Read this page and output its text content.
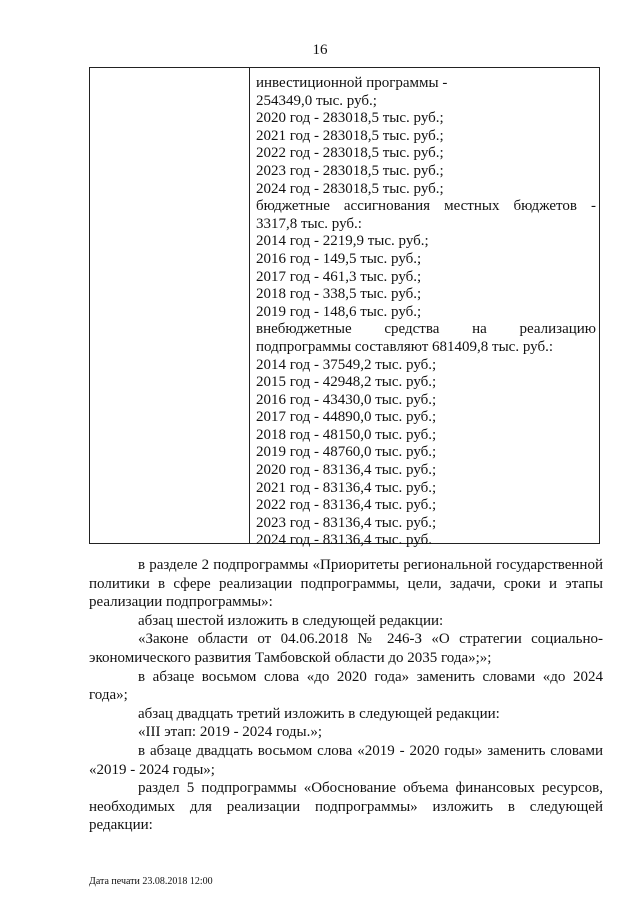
16
инвестиционной программы -
254349,0 тыс. руб.;
2020 год - 283018,5 тыс. руб.;
2021 год - 283018,5 тыс. руб.;
2022 год - 283018,5 тыс. руб.;
2023 год - 283018,5 тыс. руб.;
2024 год - 283018,5 тыс. руб.;
бюджетные ассигнования местных бюджетов -
3317,8 тыс. руб.:
2014 год - 2219,9 тыс. руб.;
2016 год - 149,5 тыс. руб.;
2017 год - 461,3 тыс. руб.;
2018 год - 338,5 тыс. руб.;
2019 год - 148,6 тыс. руб.;
внебюджетные средства на реализацию
подпрограммы составляют 681409,8 тыс. руб.:
2014 год - 37549,2 тыс. руб.;
2015 год - 42948,2 тыс. руб.;
2016 год - 43430,0 тыс. руб.;
2017 год - 44890,0 тыс. руб.;
2018 год - 48150,0 тыс. руб.;
2019 год - 48760,0 тыс. руб.;
2020 год - 83136,4 тыс. руб.;
2021 год - 83136,4 тыс. руб.;
2022 год - 83136,4 тыс. руб.;
2023 год - 83136,4 тыс. руб.;
2024 год - 83136,4 тыс. руб.

в разделе 2 подпрограммы «Приоритеты региональной государственной политики в сфере реализации подпрограммы, цели, задачи, сроки и этапы реализации подпрограммы»:

абзац шестой изложить в следующей редакции:

«Законе области от 04.06.2018 № 246-З «О стратегии социально-экономического развития Тамбовской области до 2035 года»;»;

в абзаце восьмом слова «до 2020 года» заменить словами «до 2024 года»;

абзац двадцать третий изложить в следующей редакции:

«III этап: 2019 - 2024 годы.»;

в абзаце двадцать восьмом слова «2019 - 2020 годы» заменить словами «2019 - 2024 годы»;

раздел 5 подпрограммы «Обоснование объема финансовых ресурсов, необходимых для реализации подпрограммы» изложить в следующей редакции:

Дата печати 23.08.2018 12:00
